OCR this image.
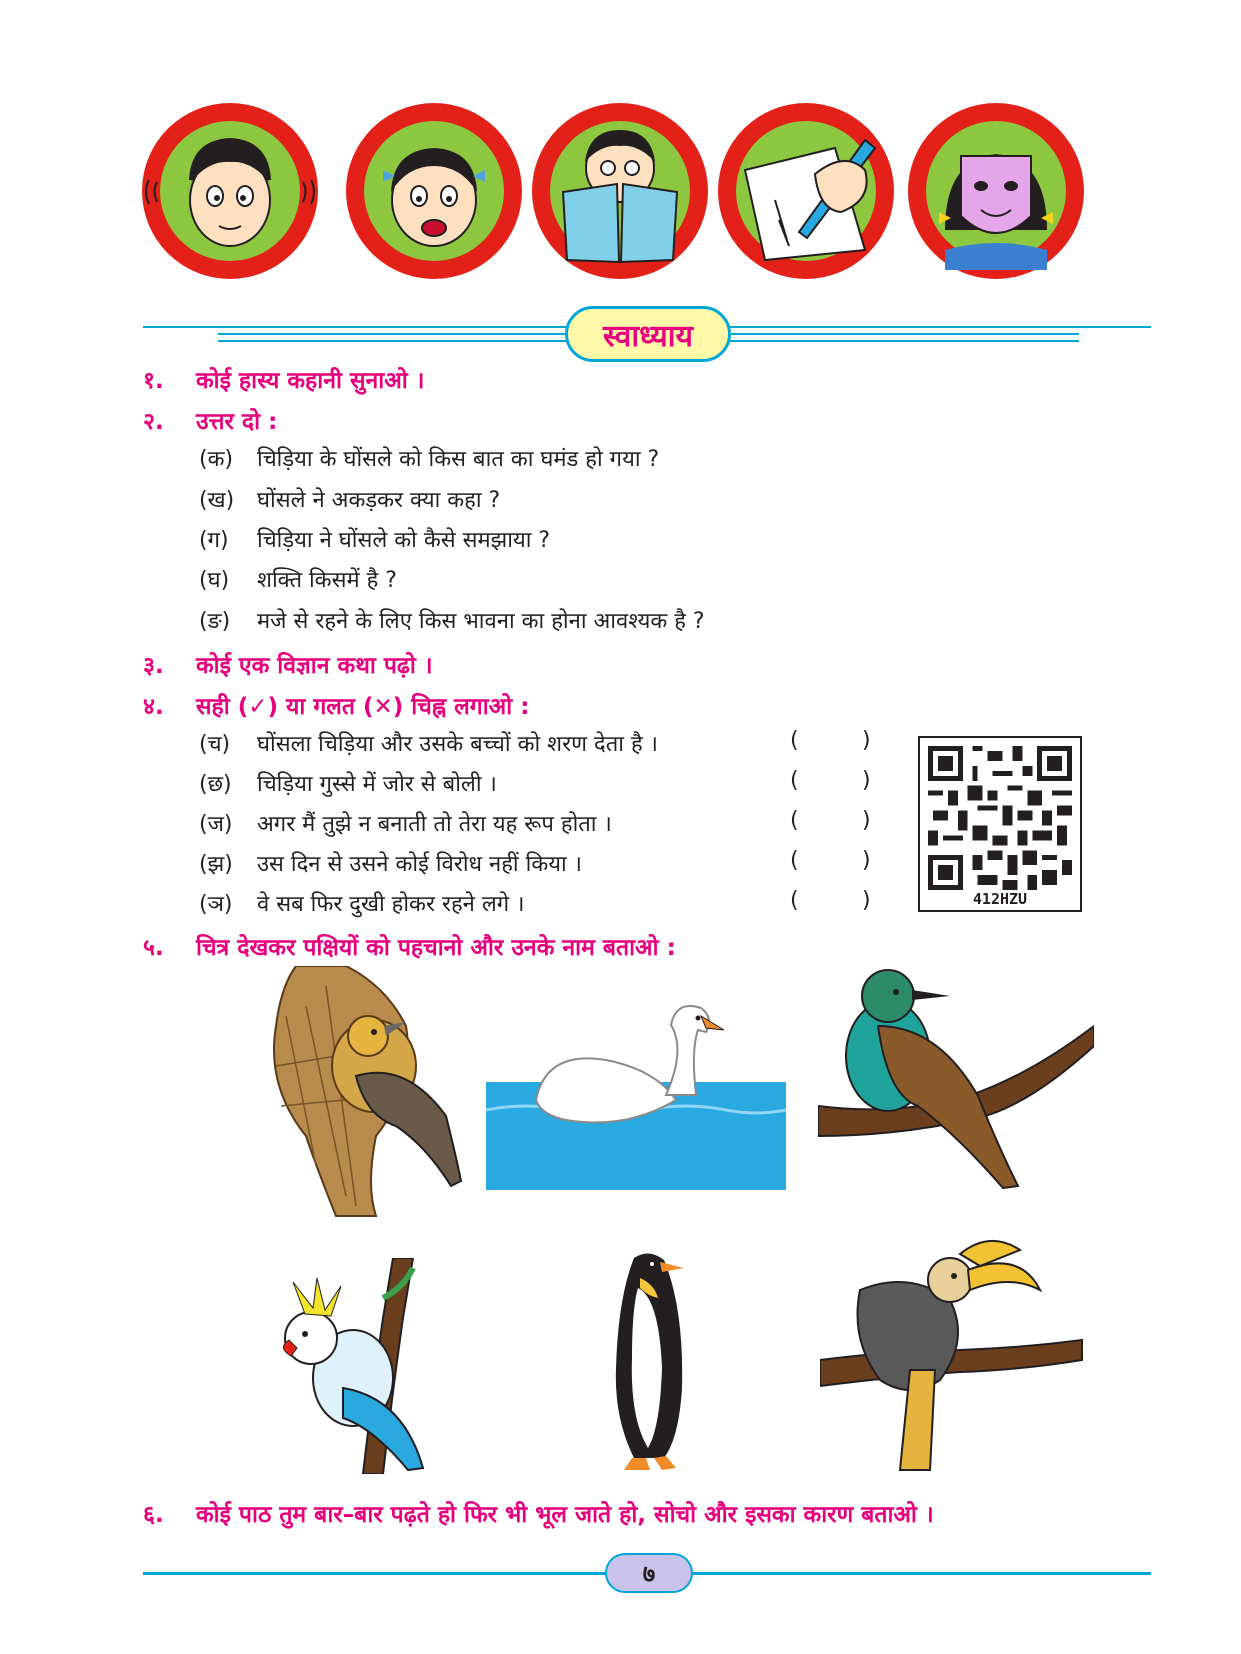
स्वाध्याय
१.	कोई हास्य कहानी सुनाओ ।
२.	उत्तर दो :
(क) चिड़िया के घोंसले को किस बात का घमंड हो गया ?
(ख) घोंसले ने अकड़कर क्या कहा ?
(ग) चिड़िया ने घोंसले को कैसे समझाया ?
(घ) शक्ति किसमें है ?
(ङ) मजे से रहने के लिए किस भावना का होना आवश्यक है ?
३.	कोई एक विज्ञान कथा पढ़ो ।
४.	सही (✓) या गलत (✕) चिह्न लगाओ :
(च) घोंसला चिड़िया और उसके बच्चों को शरण देता है ।	(	)
(छ) चिड़िया गुस्से में जोर से बोली ।	(	)
(ज) अगर मैं तुझे न बनाती तो तेरा यह रूप होता ।	(	)
(झ) उस दिन से उसने कोई विरोध नहीं किया ।	(	)
(ञ) वे सब फिर दुखी होकर रहने लगे ।	(	)	412HZU
५.	चित्र देखकर पक्षियों को पहचानो और उनके नाम बताओ :
६.	कोई पाठ तुम बार–बार पढ़ते हो फिर भी भूल जाते हो, सोचो और इसका कारण बताओ ।
७
